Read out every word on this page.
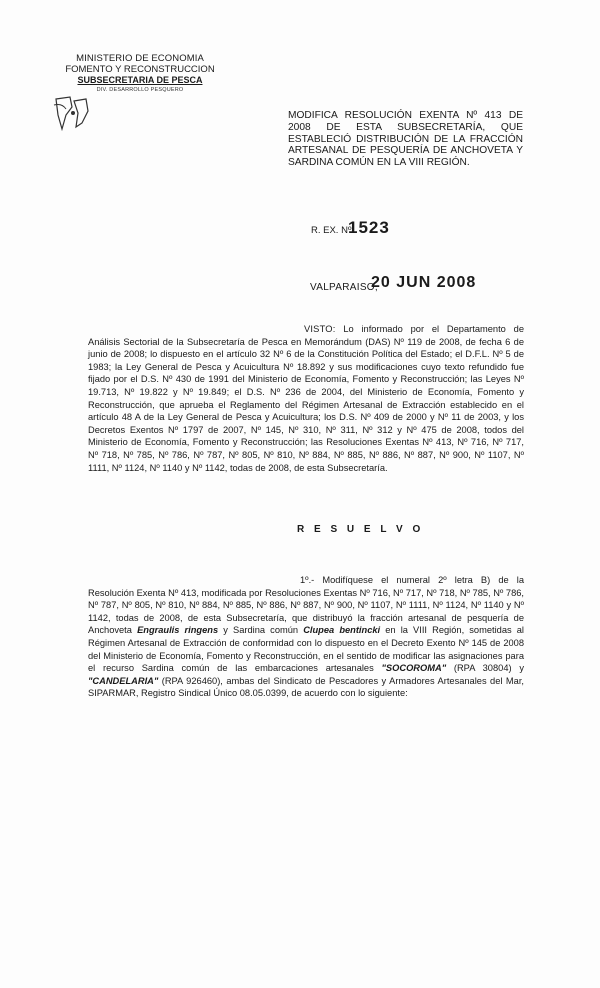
MINISTERIO DE ECONOMIA
FOMENTO Y RECONSTRUCCION
SUBSECRETARIA DE PESCA
DIV. DESARROLLO PESQUERO
MODIFICA RESOLUCIÓN EXENTA Nº 413 DE 2008 DE ESTA SUBSECRETARÍA, QUE ESTABLECIÓ DISTRIBUCIÓN DE LA FRACCIÓN ARTESANAL DE PESQUERÍA DE ANCHOVETA Y SARDINA COMÚN EN LA VIII REGIÓN.
R. EX. Nº
1523
VALPARAISO,
20 JUN 2008
VISTO: Lo informado por el Departamento de Análisis Sectorial de la Subsecretaría de Pesca en Memorándum (DAS) Nº 119 de 2008, de fecha 6 de junio de 2008; lo dispuesto en el artículo 32 Nº 6 de la Constitución Política del Estado; el D.F.L. Nº 5 de 1983; la Ley General de Pesca y Acuicultura Nº 18.892 y sus modificaciones cuyo texto refundido fue fijado por el D.S. Nº 430 de 1991 del Ministerio de Economía, Fomento y Reconstrucción; las Leyes Nº 19.713, Nº 19.822 y Nº 19.849; el D.S. Nº 236 de 2004, del Ministerio de Economía, Fomento y Reconstrucción, que aprueba el Reglamento del Régimen Artesanal de Extracción establecido en el artículo 48 A de la Ley General de Pesca y Acuicultura; los D.S. Nº 409 de 2000 y Nº 11 de 2003, y los Decretos Exentos Nº 1797 de 2007, Nº 145, Nº 310, Nº 311, Nº 312 y Nº 475 de 2008, todos del Ministerio de Economía, Fomento y Reconstrucción; las Resoluciones Exentas Nº 413, Nº 716, Nº 717, Nº 718, Nº 785, Nº 786, Nº 787, Nº 805, Nº 810, Nº 884, Nº 885, Nº 886, Nº 887, Nº 900, Nº 1107, Nº 1111, Nº 1124, Nº 1140 y Nº 1142, todas de 2008, de esta Subsecretaría.
R E S U E L V O
1º.- Modifíquese el numeral 2º letra B) de la Resolución Exenta Nº 413, modificada por Resoluciones Exentas Nº 716, Nº 717, Nº 718, Nº 785, Nº 786, Nº 787, Nº 805, Nº 810, Nº 884, Nº 885, Nº 886, Nº 887, Nº 900, Nº 1107, Nº 1111, Nº 1124, Nº 1140 y Nº 1142, todas de 2008, de esta Subsecretaría, que distribuyó la fracción artesanal de pesquería de Anchoveta Engraulis ringens y Sardina común Clupea bentincki en la VIII Región, sometidas al Régimen Artesanal de Extracción de conformidad con lo dispuesto en el Decreto Exento Nº 145 de 2008 del Ministerio de Economía, Fomento y Reconstrucción, en el sentido de modificar las asignaciones para el recurso Sardina común de las embarcaciones artesanales "SOCOROMA" (RPA 30804) y "CANDELARIA" (RPA 926460), ambas del Sindicato de Pescadores y Armadores Artesanales del Mar, SIPARMAR, Registro Sindical Único 08.05.0399, de acuerdo con lo siguiente:
